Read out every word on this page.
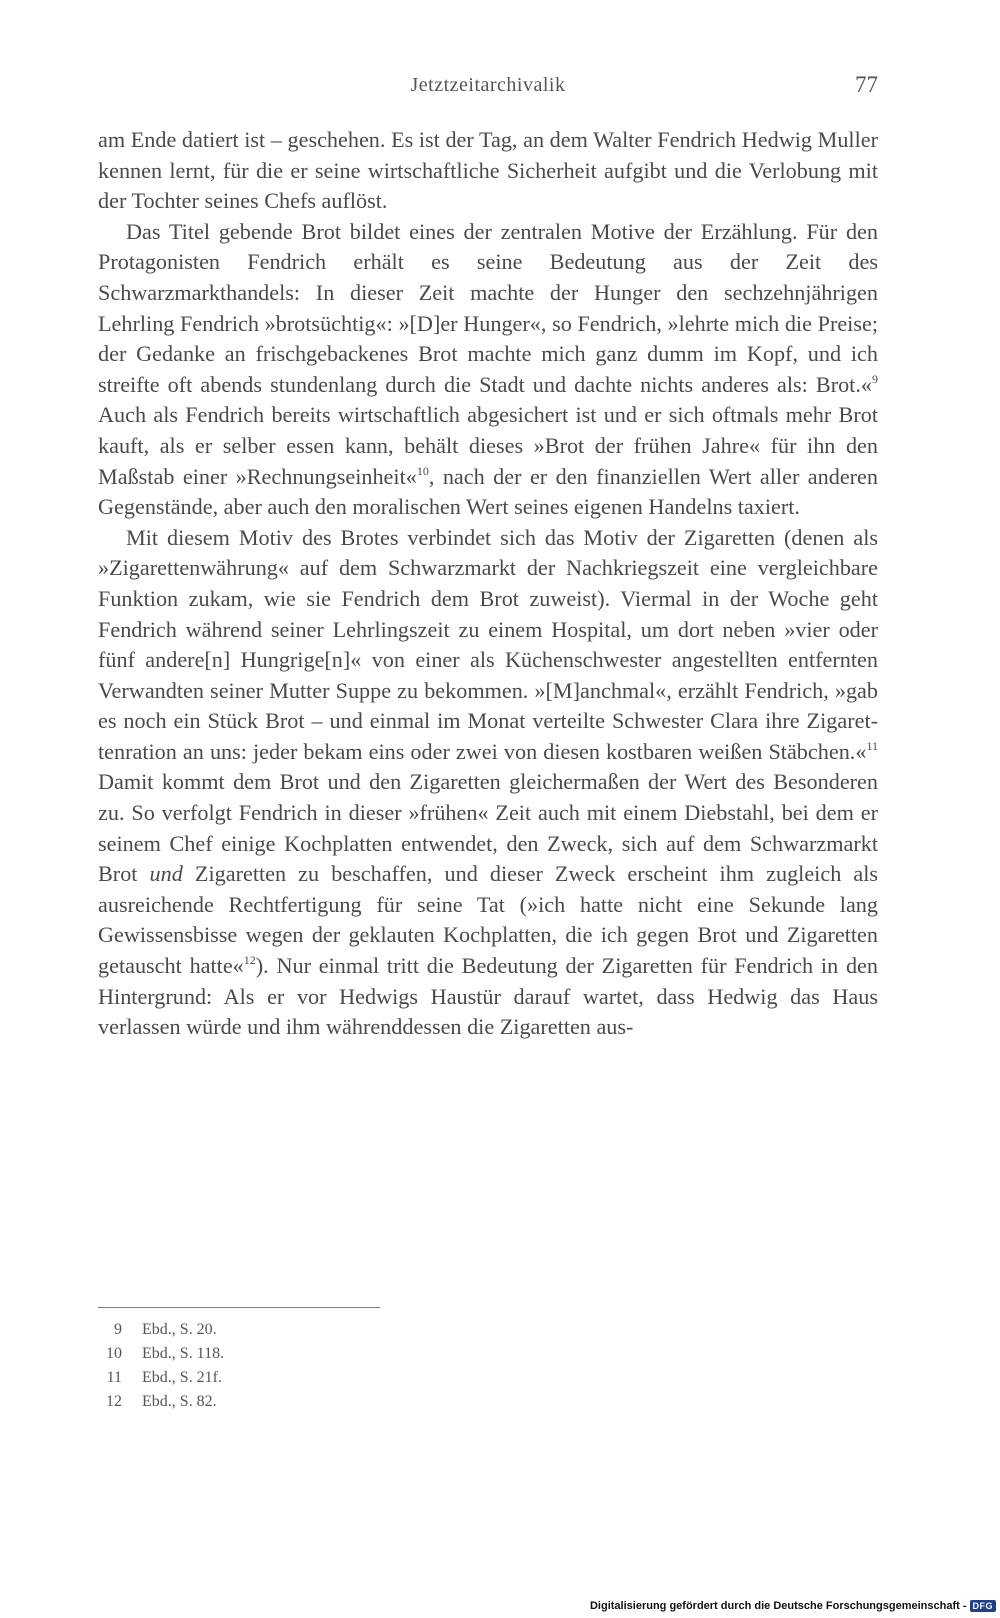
Jetztzeitarchivalik	77

am Ende datiert ist – geschehen. Es ist der Tag, an dem Walter Fendrich Hedwig Muller kennen lernt, für die er seine wirtschaftliche Sicherheit aufgibt und die Verlobung mit der Tochter seines Chefs auflöst.

Das Titel gebende Brot bildet eines der zentralen Motive der Erzählung. Für den Protagonisten Fendrich erhält es seine Bedeutung aus der Zeit des Schwarzmarkthandels: In dieser Zeit machte der Hunger den sechzehnjährigen Lehrling Fendrich »brotsüchtig«: »[D]er Hunger«, so Fendrich, »lehrte mich die Preise; der Gedanke an frischgebackenes Brot machte mich ganz dumm im Kopf, und ich streifte oft abends stundenlang durch die Stadt und dachte nichts anderes als: Brot.«$^9$ Auch als Fendrich bereits wirtschaftlich abgesichert ist und er sich oftmals mehr Brot kauft, als er selber essen kann, behält dieses »Brot der frühen Jahre« für ihn den Maßstab einer »Rechnungseinheit«$^{10}$, nach der er den finanziellen Wert aller anderen Gegenstände, aber auch den moralischen Wert seines eigenen Handelns taxiert.

Mit diesem Motiv des Brotes verbindet sich das Motiv der Zigaretten (denen als »Zigarettenwährung« auf dem Schwarzmarkt der Nachkriegszeit eine vergleichbare Funktion zukam, wie sie Fendrich dem Brot zuweist). Viermal in der Woche geht Fendrich während seiner Lehrlingszeit zu einem Hospital, um dort neben »vier oder fünf andere[n] Hungrige[n]« von einer als Küchenschwester angestellten entfernten Verwandten seiner Mutter Suppe zu bekommen. »[M]anchmal«, erzählt Fendrich, »gab es noch ein Stück Brot – und einmal im Monat verteilte Schwester Clara ihre Zigarettenration an uns: jeder bekam eins oder zwei von diesen kostbaren weißen Stäbchen.«$^{11}$ Damit kommt dem Brot und den Zigaretten gleichermaßen der Wert des Besonderen zu. So verfolgt Fendrich in dieser »frühen« Zeit auch mit einem Diebstahl, bei dem er seinem Chef einige Kochplatten entwendet, den Zweck, sich auf dem Schwarzmarkt Brot und Zigaretten zu beschaffen, und dieser Zweck erscheint ihm zugleich als ausreichende Rechtfertigung für seine Tat (»ich hatte nicht eine Sekunde lang Gewissensbisse wegen der geklauten Kochplatten, die ich gegen Brot und Zigaretten getauscht hatte«$^{12}$). Nur einmal tritt die Bedeutung der Zigaretten für Fendrich in den Hintergrund: Als er vor Hedwigs Haustür darauf wartet, dass Hedwig das Haus verlassen würde und ihm währenddessen die Zigaretten aus-

9 Ebd., S. 20.
10 Ebd., S. 118.
11 Ebd., S. 21f.
12 Ebd., S. 82.
Digitalisierung gefördert durch die Deutsche Forschungsgemeinschaft - DFG
